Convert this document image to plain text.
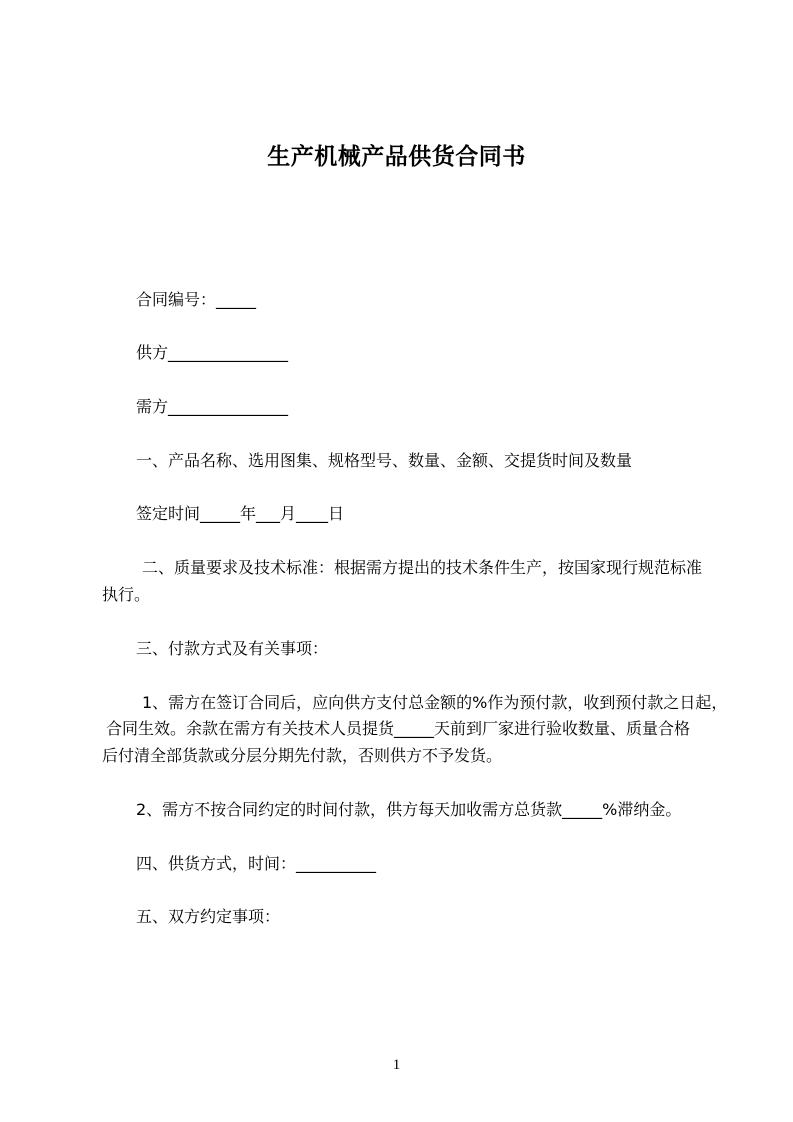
生产机械产品供货合同书
合同编号：_____
供方_______________
需方_______________
一、产品名称、选用图集、规格型号、数量、金额、交提货时间及数量
签定时间_____年___月____日
二、质量要求及技术标准：根据需方提出的技术条件生产，按国家现行规范标准
执行。
三、付款方式及有关事项：
1、需方在签订合同后，应向供方支付总金额的%作为预付款，收到预付款之日起，
合同生效。余款在需方有关技术人员提货_____天前到厂家进行验收数量、质量合格
后付清全部货款或分层分期先付款，否则供方不予发货。
2、需方不按合同约定的时间付款，供方每天加收需方总货款_____%滞纳金。
四、供货方式，时间：__________
五、双方约定事项：
1
